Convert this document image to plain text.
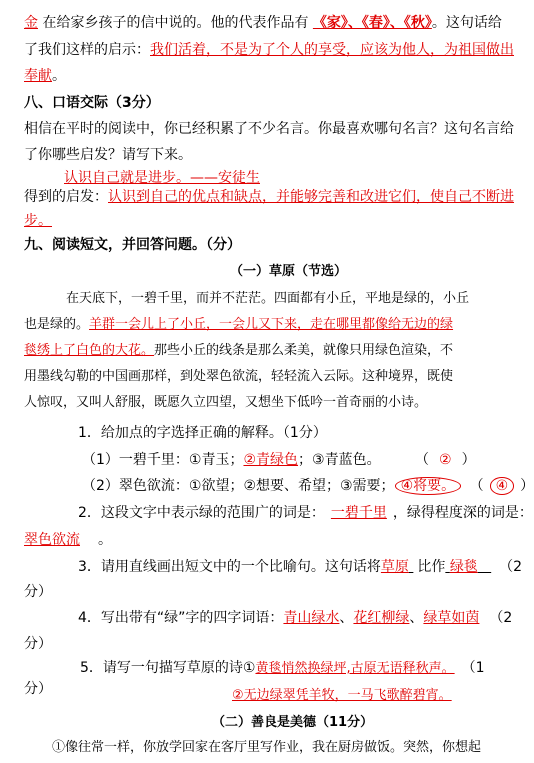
金 在给家乡孩子的信中说的。他的代表作品有 《家》、《春》、《秋》。这句话给
了我们这样的启示：我们活着，不是为了个人的享受，应该为他人，为祖国做出
奉献。
八、口语交际（3分）
相信在平时的阅读中，你已经积累了不少名言。你最喜欢哪句名言？这句名言给
了你哪些启发？请写下来。
认识自己就是进步。——安徒生
得到的启发：认识到自己的优点和缺点，并能够完善和改进它们，使自己不断进
步。
九、阅读短文，并回答问题。（分）
（一）草原（节选）
在天底下，一碧千里，而并不茫茫。四面都有小丘，平地是绿的，小丘
也是绿的。羊群一会儿上了小丘，一会儿又下来，走在哪里都像给无边的绿
毯绣上了白色的大花。那些小丘的线条是那么柔美，就像只用绿色渲染，不
用墨线勾勒的中国画那样，到处翠色欲流，轻轻流入云际。这种境界，既使
人惊叹，又叫人舒服，既愿久立四望，又想坐下低吟一首奇丽的小诗。
1．给加点的字选择正确的解释。（1分）
（1）一碧千里：①青玉；②青绿色；③青蓝色。 （ ② ）
（2）翠色欲流：①欲望；②想要、希望；③需要； ④将要。 （ ④ ）
2．这段文字中表示绿的范围广的词是： 一碧千里 ，绿得程度深的词是：
翠色欲流 。
3．请用直线画出短文中的一个比喻句。这句话将草原 比作 绿毯 （2
分）
4．写出带有“绿”字的四字词语：青山绿水、花红柳绿、绿草如茵 （2
分）
5．请写一句描写草原的诗①黄毯悄然换绿坪,古原无语释秋声。 （1
分）	②无边绿翠凭羊牧，一马飞歌醉碧宵。
（二）善良是美德（11分）
①像往常一样，你放学回家在客厅里写作业，我在厨房做饭。突然，你想起
